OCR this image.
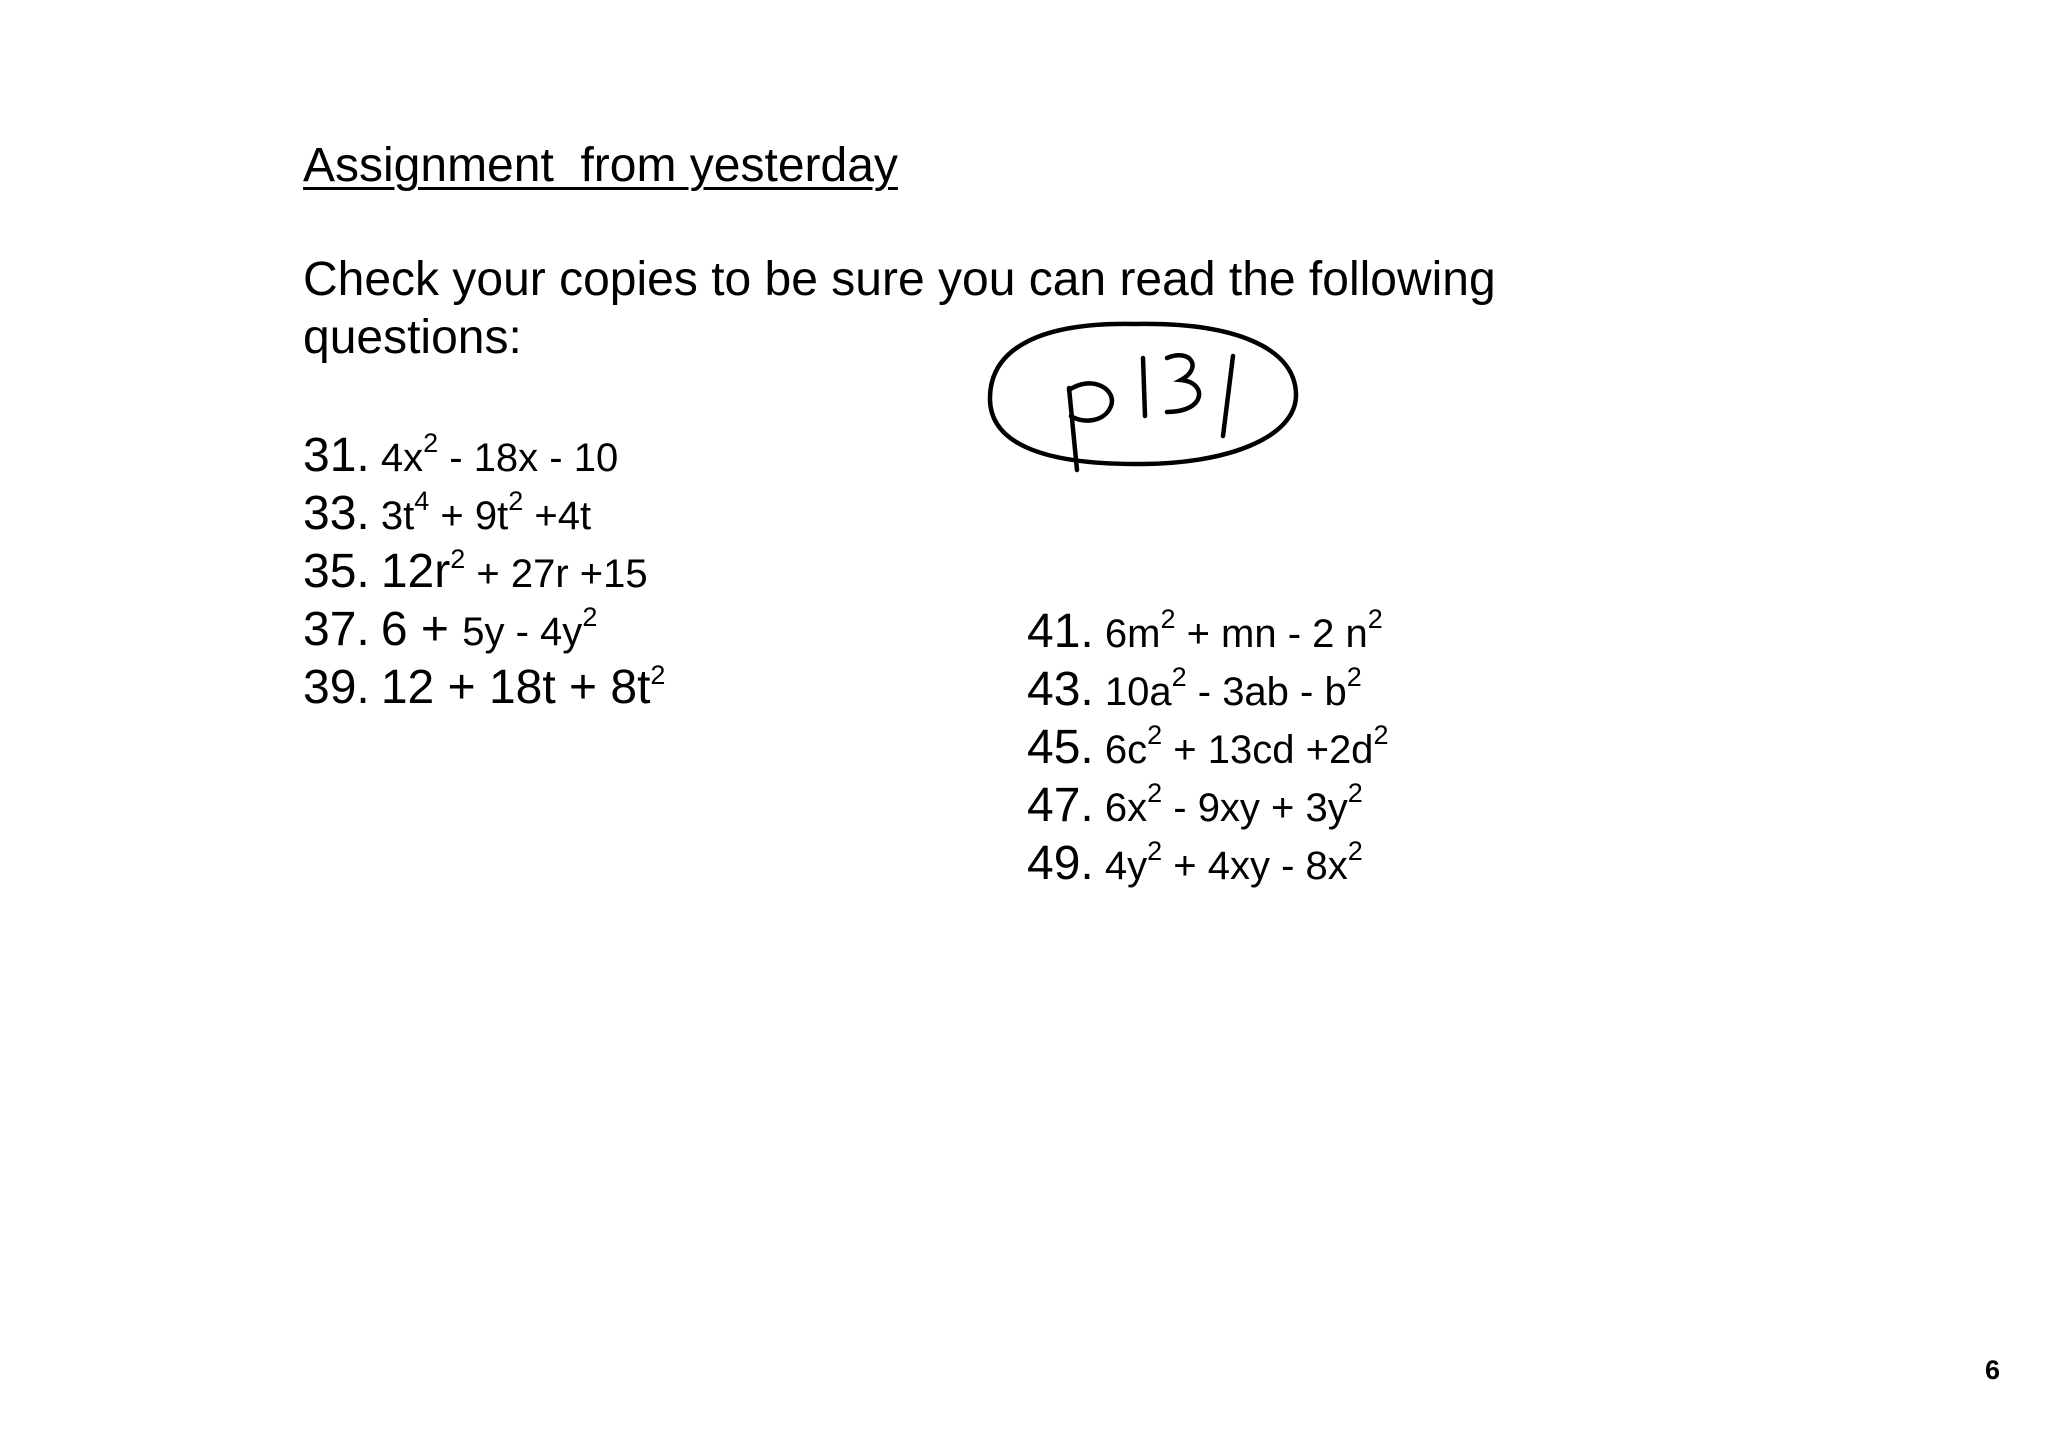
Assignment  from yesterday
Check your copies to be sure you can read the following questions:
31. $4x^2 - 18x - 10$
33. $3t^4 + 9t^2 +4t$
35. $12r^2 + 27r +15$
37. $6 + 5y - 4y^2$
39. $12 + 18t + 8t^2$
41. $6m^2$ + mn - 2 $n^2$
43. $10a^2 - 3ab - b^2$
45. $6c^2 + 13cd +2d^2$
47. $6x^2 - 9xy + 3y^2$
49. $4y^2 + 4xy - 8x^2$
6
